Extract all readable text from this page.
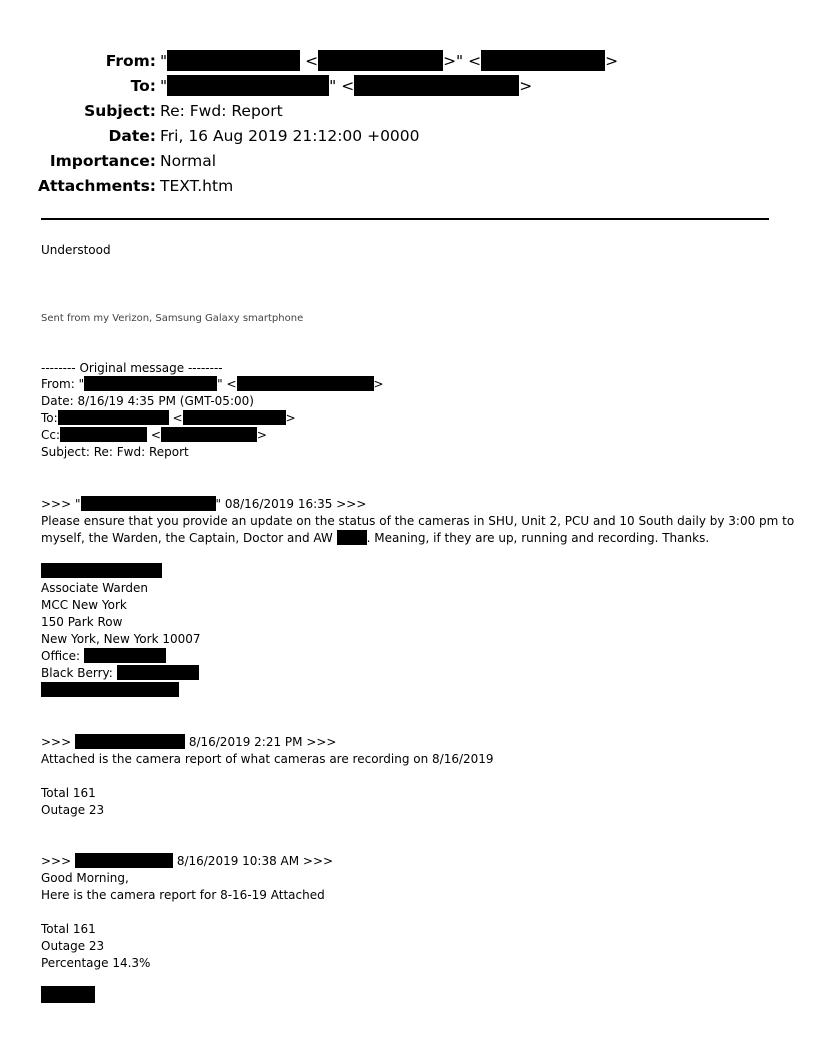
From: "	<	>" <	>
To: "	" <	>
Subject: Re: Fwd: Report
Date: Fri, 16 Aug 2019 21:12:00 +0000
Importance: Normal
Attachments: TEXT.htm
Understood
Sent from my Verizon, Samsung Galaxy smartphone
-------- Original message --------
From: "	" <	>
Date: 8/16/19 4:35 PM (GMT-05:00)
To:	<	>
Cc:	<	>
Subject: Re: Fwd: Report
>>> "	" 08/16/2019 16:35 >>>
Please ensure that you provide an update on the status of the cameras in SHU, Unit 2, PCU and 10 South daily by 3:00 pm to
myself, the Warden, the Captain, Doctor and AW	. Meaning, if they are up, running and recording. Thanks.
Associate Warden
MCC New York
150 Park Row
New York, New York 10007
Office:
Black Berry:
>>>	8/16/2019 2:21 PM >>>
Attached is the camera report of what cameras are recording on 8/16/2019
Total 161
Outage 23
>>>	8/16/2019 10:38 AM >>>
Good Morning,
Here is the camera report for 8-16-19 Attached
Total 161
Outage 23
Percentage 14.3%
